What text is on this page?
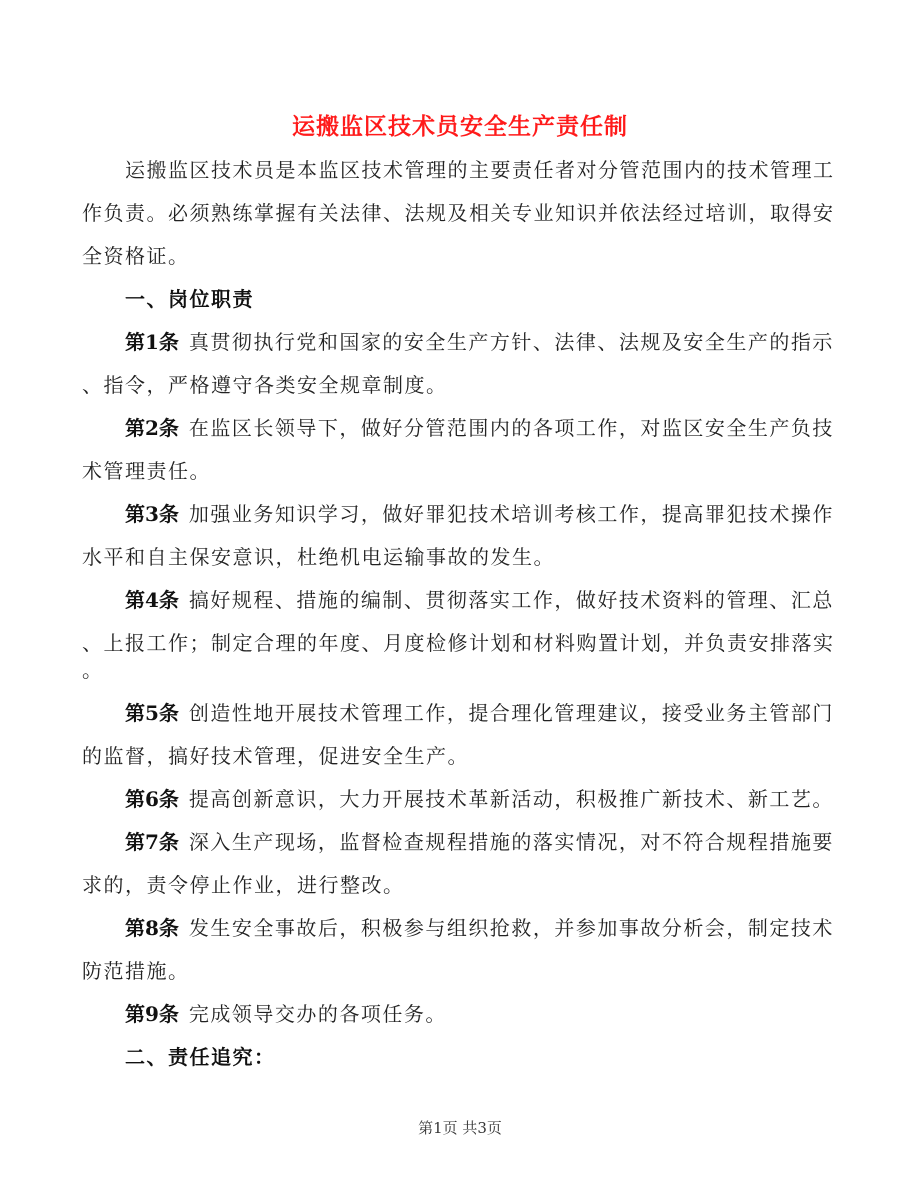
运搬监区技术员安全生产责任制
运搬监区技术员是本监区技术管理的主要责任者对分管范围内的技术管理工
作负责。必须熟练掌握有关法律、法规及相关专业知识并依法经过培训，取得安
全资格证。
一、岗位职责
第1条 真贯彻执行党和国家的安全生产方针、法律、法规及安全生产的指示
、指令，严格遵守各类安全规章制度。
第2条 在监区长领导下，做好分管范围内的各项工作，对监区安全生产负技
术管理责任。
第3条 加强业务知识学习，做好罪犯技术培训考核工作，提高罪犯技术操作
水平和自主保安意识，杜绝机电运输事故的发生。
第4条 搞好规程、措施的编制、贯彻落实工作，做好技术资料的管理、汇总
、上报工作；制定合理的年度、月度检修计划和材料购置计划，并负责安排落实
。
第5条 创造性地开展技术管理工作，提合理化管理建议，接受业务主管部门
的监督，搞好技术管理，促进安全生产。
第6条 提高创新意识，大力开展技术革新活动，积极推广新技术、新工艺。
第7条 深入生产现场，监督检查规程措施的落实情况，对不符合规程措施要
求的，责令停止作业，进行整改。
第8条 发生安全事故后，积极参与组织抢救，并参加事故分析会，制定技术
防范措施。
第9条 完成领导交办的各项任务。
二、责任追究：
第1页 共3页
